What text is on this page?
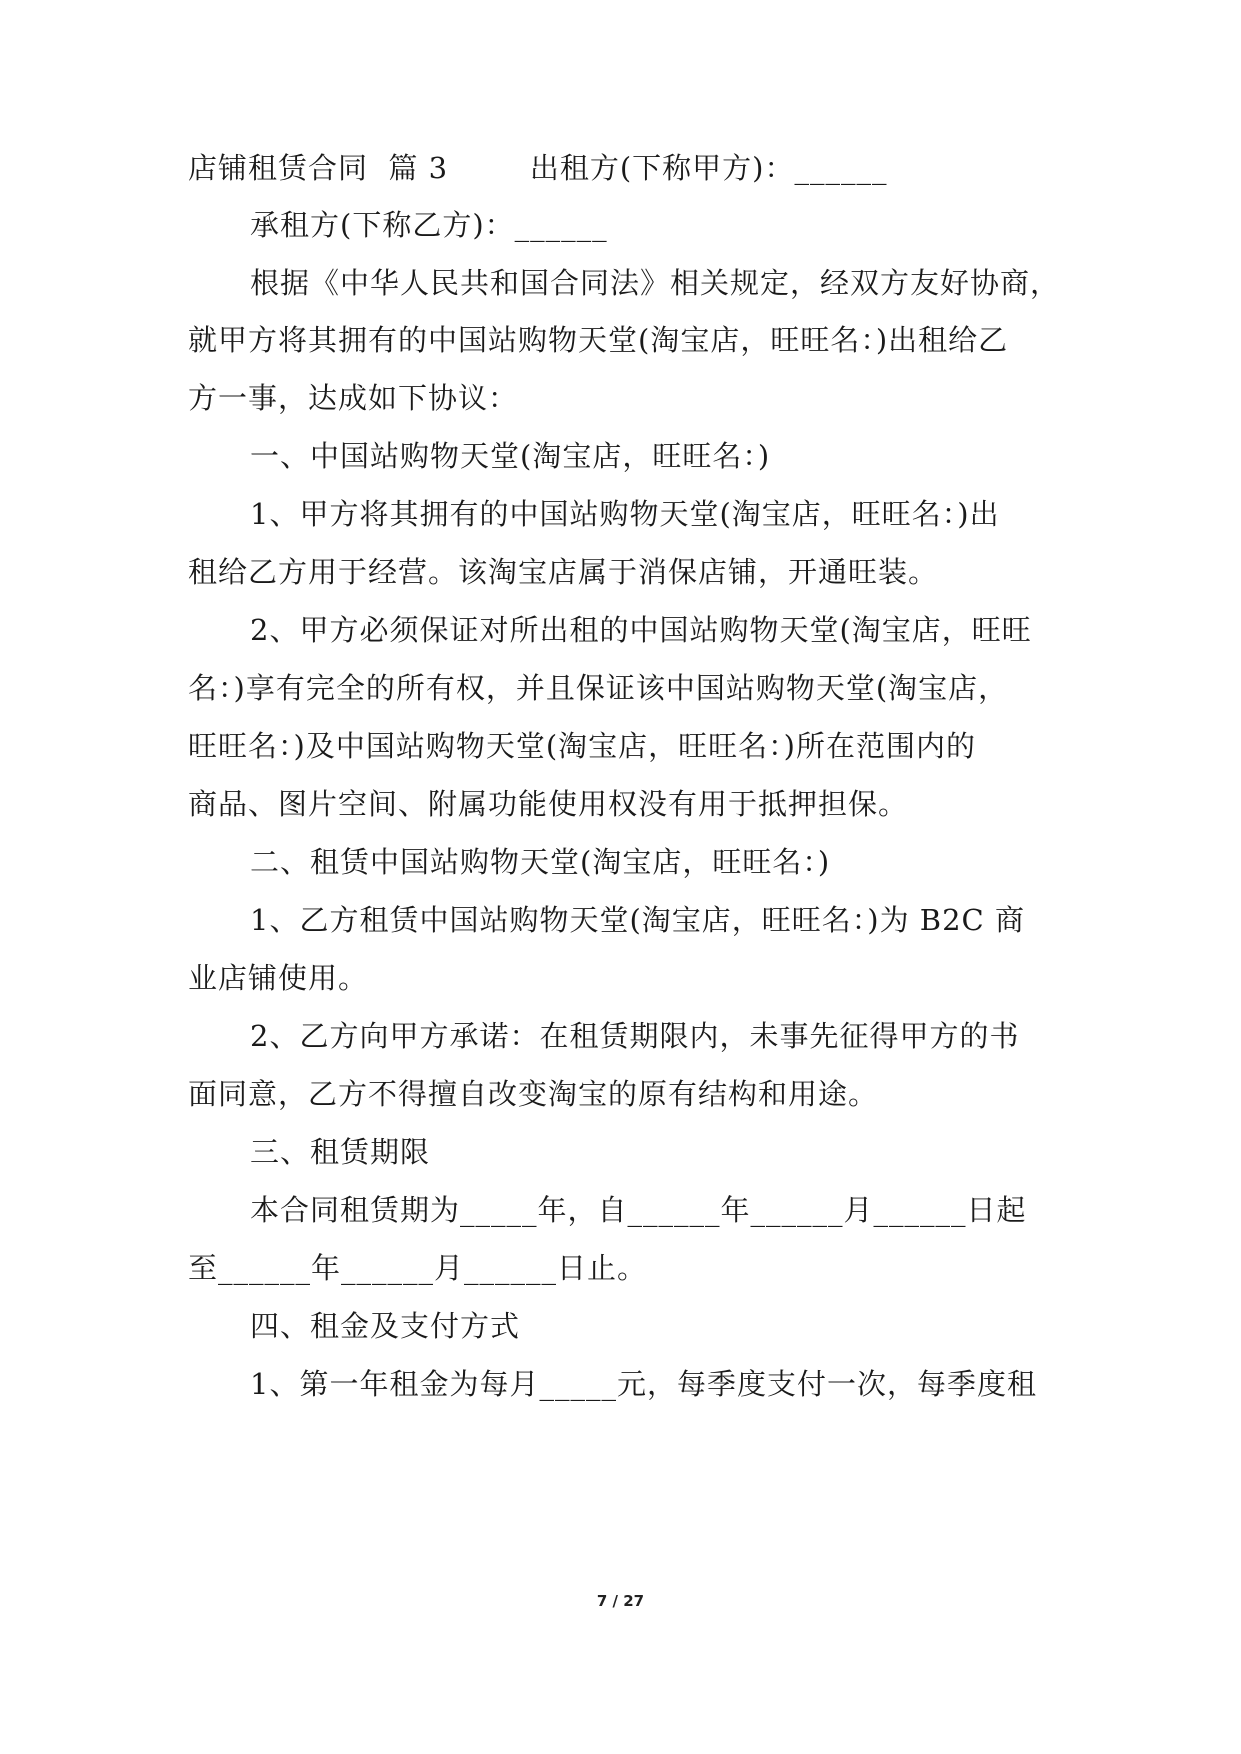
店铺租赁合同  篇 3        出租方(下称甲方)：______
承租方(下称乙方)：______
根据《中华人民共和国合同法》相关规定，经双方友好协商，
就甲方将其拥有的中国站购物天堂(淘宝店，旺旺名：)出租给乙
方一事，达成如下协议：
一、中国站购物天堂(淘宝店，旺旺名：)
1、甲方将其拥有的中国站购物天堂(淘宝店，旺旺名：)出
租给乙方用于经营。该淘宝店属于消保店铺，开通旺装。
2、甲方必须保证对所出租的中国站购物天堂(淘宝店，旺旺
名：)享有完全的所有权，并且保证该中国站购物天堂(淘宝店，
旺旺名：)及中国站购物天堂(淘宝店，旺旺名：)所在范围内的
商品、图片空间、附属功能使用权没有用于抵押担保。
二、租赁中国站购物天堂(淘宝店，旺旺名：)
1、乙方租赁中国站购物天堂(淘宝店，旺旺名：)为 B2C 商
业店铺使用。
2、乙方向甲方承诺：在租赁期限内，未事先征得甲方的书
面同意，乙方不得擅自改变淘宝的原有结构和用途。
三、租赁期限
本合同租赁期为_____年，自______年______月______日起
至______年______月______日止。
四、租金及支付方式
1、第一年租金为每月_____元，每季度支付一次，每季度租
7 / 27
